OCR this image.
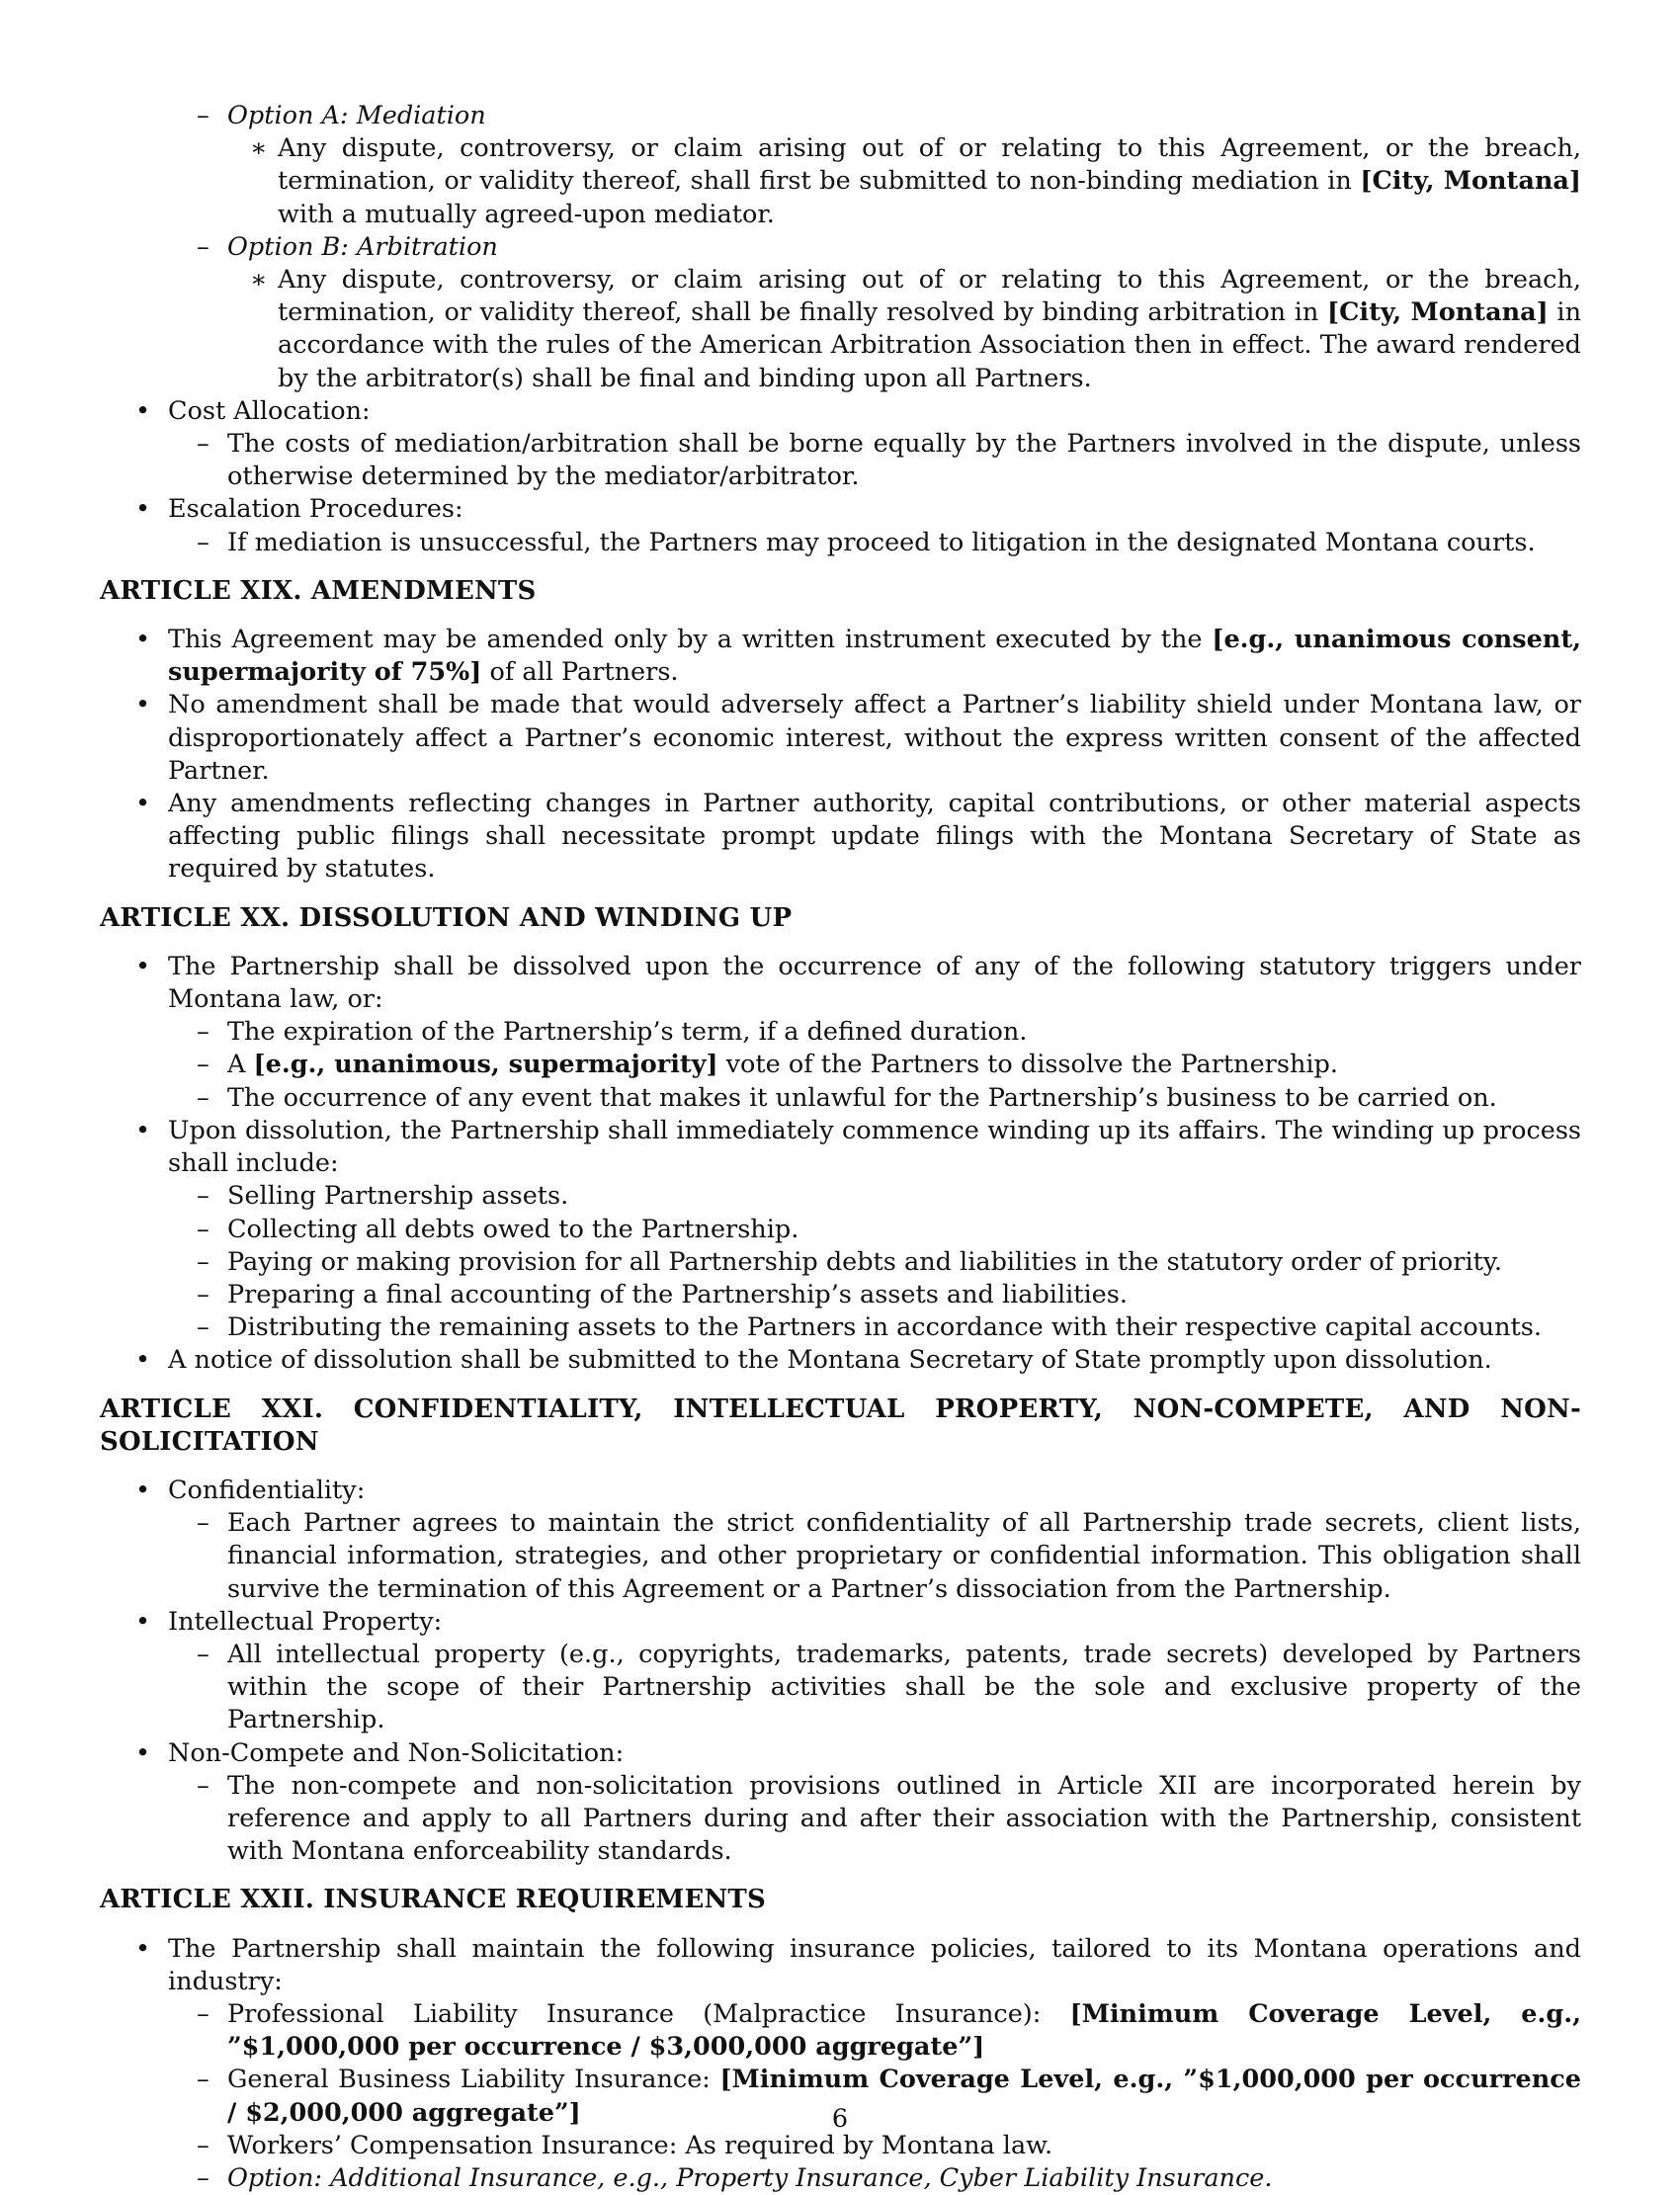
– Option A: Mediation
∗ Any dispute, controversy, or claim arising out of or relating to this Agreement, or the breach, termination, or validity thereof, shall first be submitted to non-binding mediation in [City, Montana] with a mutually agreed-upon mediator.
– Option B: Arbitration
∗ Any dispute, controversy, or claim arising out of or relating to this Agreement, or the breach, termination, or validity thereof, shall be finally resolved by binding arbitration in [City, Montana] in accordance with the rules of the American Arbitration Association then in effect. The award rendered by the arbitrator(s) shall be final and binding upon all Partners.
• Cost Allocation:
– The costs of mediation/arbitration shall be borne equally by the Partners involved in the dispute, unless otherwise determined by the mediator/arbitrator.
• Escalation Procedures:
– If mediation is unsuccessful, the Partners may proceed to litigation in the designated Montana courts.
ARTICLE XIX. AMENDMENTS
• This Agreement may be amended only by a written instrument executed by the [e.g., unanimous consent, supermajority of 75%] of all Partners.
• No amendment shall be made that would adversely affect a Partner’s liability shield under Montana law, or disproportionately affect a Partner’s economic interest, without the express written consent of the affected Partner.
• Any amendments reflecting changes in Partner authority, capital contributions, or other material aspects affecting public filings shall necessitate prompt update filings with the Montana Secretary of State as required by statutes.
ARTICLE XX. DISSOLUTION AND WINDING UP
• The Partnership shall be dissolved upon the occurrence of any of the following statutory triggers under Montana law, or:
– The expiration of the Partnership’s term, if a defined duration.
– A [e.g., unanimous, supermajority] vote of the Partners to dissolve the Partnership.
– The occurrence of any event that makes it unlawful for the Partnership’s business to be carried on.
• Upon dissolution, the Partnership shall immediately commence winding up its affairs. The winding up process shall include:
– Selling Partnership assets.
– Collecting all debts owed to the Partnership.
– Paying or making provision for all Partnership debts and liabilities in the statutory order of priority.
– Preparing a final accounting of the Partnership’s assets and liabilities.
– Distributing the remaining assets to the Partners in accordance with their respective capital accounts.
• A notice of dissolution shall be submitted to the Montana Secretary of State promptly upon dissolution.
ARTICLE XXI. CONFIDENTIALITY, INTELLECTUAL PROPERTY, NON-COMPETE, AND NON-SOLICITATION
• Confidentiality:
– Each Partner agrees to maintain the strict confidentiality of all Partnership trade secrets, client lists, financial information, strategies, and other proprietary or confidential information. This obligation shall survive the termination of this Agreement or a Partner’s dissociation from the Partnership.
• Intellectual Property:
– All intellectual property (e.g., copyrights, trademarks, patents, trade secrets) developed by Partners within the scope of their Partnership activities shall be the sole and exclusive property of the Partnership.
• Non-Compete and Non-Solicitation:
– The non-compete and non-solicitation provisions outlined in Article XII are incorporated herein by reference and apply to all Partners during and after their association with the Partnership, consistent with Montana enforceability standards.
ARTICLE XXII. INSURANCE REQUIREMENTS
• The Partnership shall maintain the following insurance policies, tailored to its Montana operations and industry:
– Professional Liability Insurance (Malpractice Insurance): [Minimum Coverage Level, e.g., ”$1,000,000 per occurrence / $3,000,000 aggregate”]
– General Business Liability Insurance: [Minimum Coverage Level, e.g., ”$1,000,000 per occurrence / $2,000,000 aggregate”]
– Workers’ Compensation Insurance: As required by Montana law.
– Option: Additional Insurance, e.g., Property Insurance, Cyber Liability Insurance.
6
